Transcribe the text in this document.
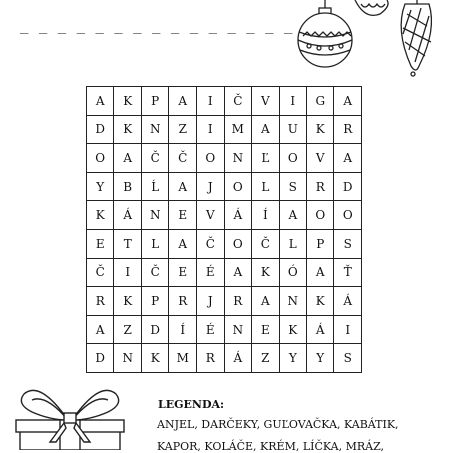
_ _ _ _ _ _ _ _ _ _ _ _ _ _ _
A	K	P	A	I	Č	V	I	G	A
D	K	N	Z	I	M	A	U	K	R
O	A	Č	Č	O	N	Ľ	O	V	A
Y	B	Ĺ	A	J	O	L	S	R	D
K	Á	N	E	V	Á	Í	A	O	O
E	T	L	A	Č	O	Č	L	P	S
Č	I	Č	E	É	A	K	Ó	A	Ť
R	K	P	R	J	R	A	N	K	Á
A	Z	D	Í	É	N	E	K	Á	I
D	N	K	M	R	Á	Z	Y	Y	S
LEGENDA:
ANJEL, DARČEKY, GUĽOVAČKA, KABÁTIK,
KAPOR, KOLÁČE, KRÉM, LÍČKA, MRÁZ,
